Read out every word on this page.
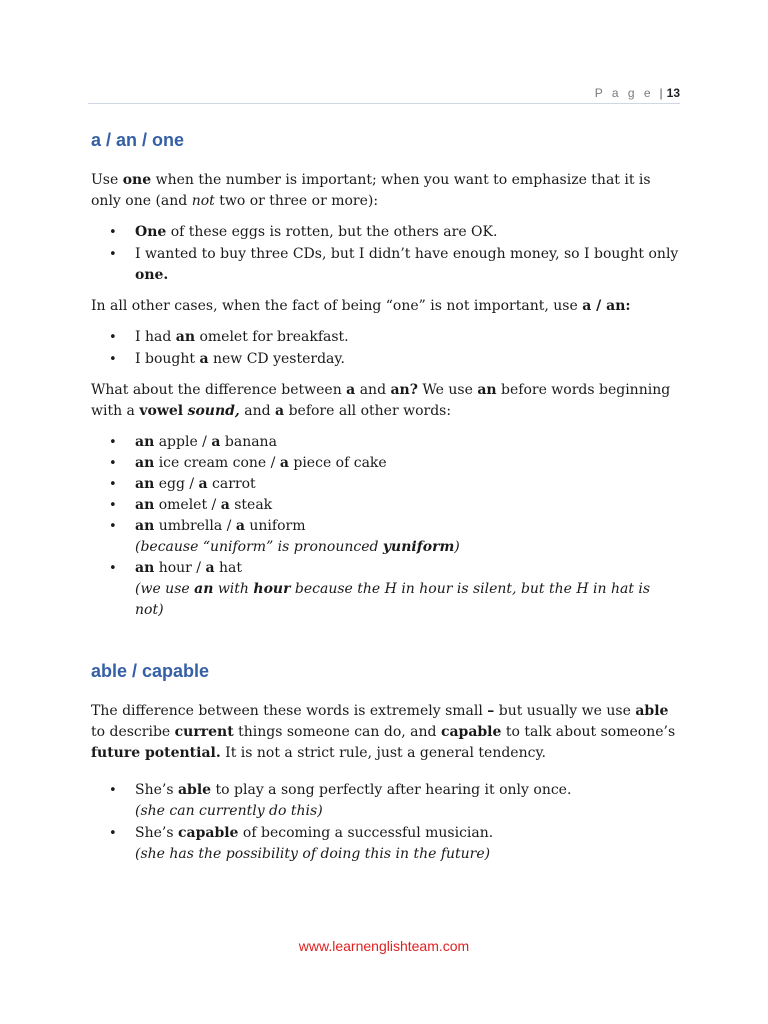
P a g e | 13
a / an / one

Use one when the number is important; when you want to emphasize that it is only one (and not two or three or more):

• One of these eggs is rotten, but the others are OK.
• I wanted to buy three CDs, but I didn’t have enough money, so I bought only one.

In all other cases, when the fact of being “one” is not important, use a / an:

• I had an omelet for breakfast.
• I bought a new CD yesterday.

What about the difference between a and an? We use an before words beginning with a vowel sound, and a before all other words:

• an apple / a banana
• an ice cream cone / a piece of cake
• an egg / a carrot
• an omelet / a steak
• an umbrella / a uniform
(because “uniform” is pronounced yuniform)
• an hour / a hat
(we use an with hour because the H in hour is silent, but the H in hat is not)
able / capable

The difference between these words is extremely small – but usually we use able to describe current things someone can do, and capable to talk about someone’s future potential. It is not a strict rule, just a general tendency.

• She’s able to play a song perfectly after hearing it only once.
(she can currently do this)
• She’s capable of becoming a successful musician.
(she has the possibility of doing this in the future)
www.learnenglishteam.com
